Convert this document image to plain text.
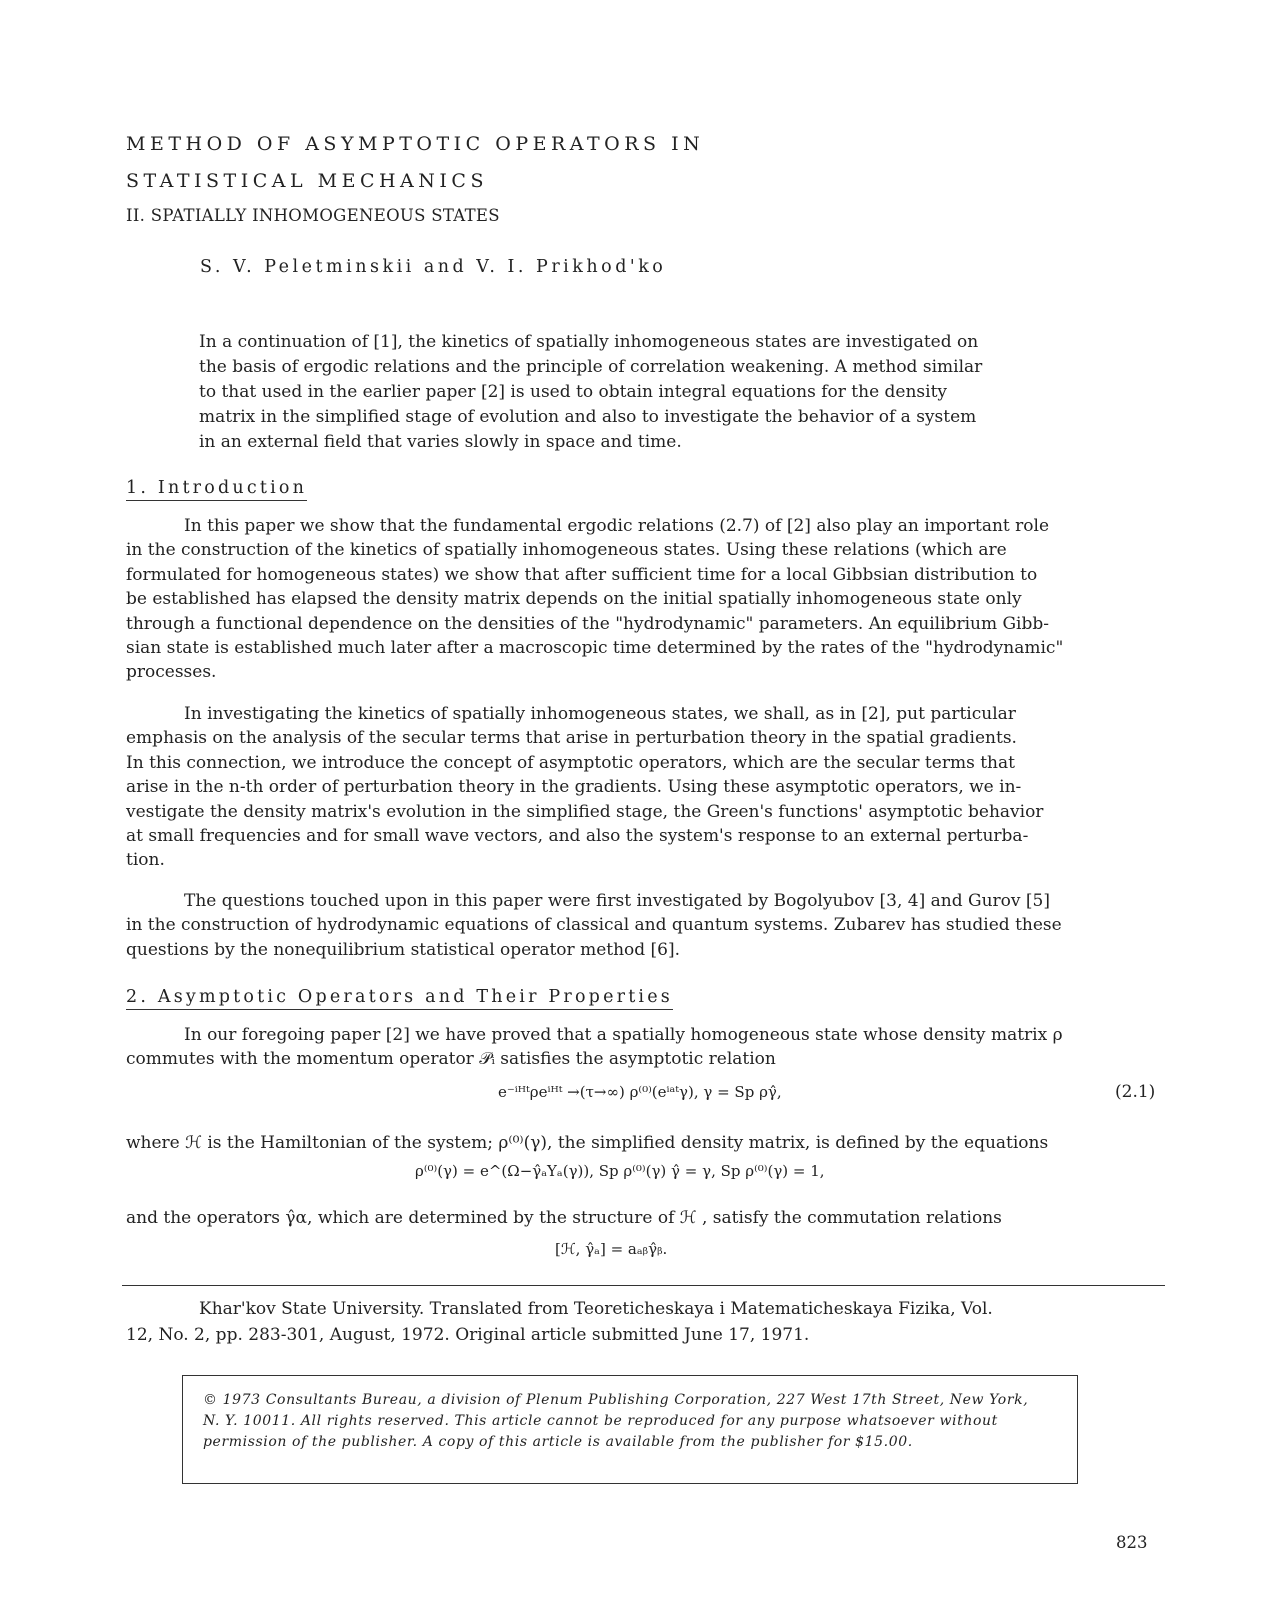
METHOD OF ASYMPTOTIC OPERATORS IN
STATISTICAL MECHANICS
II. SPATIALLY INHOMOGENEOUS STATES
S. V. Peletminskii and V. I. Prikhod'ko
In a continuation of [1], the kinetics of spatially inhomogeneous states are investigated on
the basis of ergodic relations and the principle of correlation weakening. A method similar
to that used in the earlier paper [2] is used to obtain integral equations for the density
matrix in the simplified stage of evolution and also to investigate the behavior of a system
in an external field that varies slowly in space and time.
1. Introduction
In this paper we show that the fundamental ergodic relations (2.7) of [2] also play an important role
in the construction of the kinetics of spatially inhomogeneous states. Using these relations (which are
formulated for homogeneous states) we show that after sufficient time for a local Gibbsian distribution to
be established has elapsed the density matrix depends on the initial spatially inhomogeneous state only
through a functional dependence on the densities of the "hydrodynamic" parameters. An equilibrium Gibb-
sian state is established much later after a macroscopic time determined by the rates of the "hydrodynamic"
processes.
In investigating the kinetics of spatially inhomogeneous states, we shall, as in [2], put particular
emphasis on the analysis of the secular terms that arise in perturbation theory in the spatial gradients.
In this connection, we introduce the concept of asymptotic operators, which are the secular terms that
arise in the n-th order of perturbation theory in the gradients. Using these asymptotic operators, we in-
vestigate the density matrix's evolution in the simplified stage, the Green's functions' asymptotic behavior
at small frequencies and for small wave vectors, and also the system's response to an external perturba-
tion.
The questions touched upon in this paper were first investigated by Bogolyubov [3, 4] and Gurov [5]
in the construction of hydrodynamic equations of classical and quantum systems. Zubarev has studied these
questions by the nonequilibrium statistical operator method [6].
2. Asymptotic Operators and Their Properties
In our foregoing paper [2] we have proved that a spatially homogeneous state whose density matrix ρ
commutes with the momentum operator 𝒫ᵢ satisfies the asymptotic relation
e⁻ⁱᴴᵗρeⁱᴴᵗ →(τ→∞) ρ⁽⁰⁾(eⁱᵃᵗγ), γ = Sp ργ̂,	(2.1)
where ℋ is the Hamiltonian of the system; ρ⁽⁰⁾(γ), the simplified density matrix, is defined by the equations
ρ⁽⁰⁾(γ) = e^(Ω−γ̂ₐYₐ(γ)), Sp ρ⁽⁰⁾(γ) γ̂ = γ, Sp ρ⁽⁰⁾(γ) = 1,
and the operators γ̂α, which are determined by the structure of ℋ , satisfy the commutation relations
[ℋ, γ̂ₐ] = aₐᵦγ̂ᵦ.
Khar'kov State University. Translated from Teoreticheskaya i Matematicheskaya Fizika, Vol.
12, No. 2, pp. 283-301, August, 1972. Original article submitted June 17, 1971.
© 1973 Consultants Bureau, a division of Plenum Publishing Corporation, 227 West 17th Street, New York,
N. Y. 10011. All rights reserved. This article cannot be reproduced for any purpose whatsoever without
permission of the publisher. A copy of this article is available from the publisher for $15.00.
823
